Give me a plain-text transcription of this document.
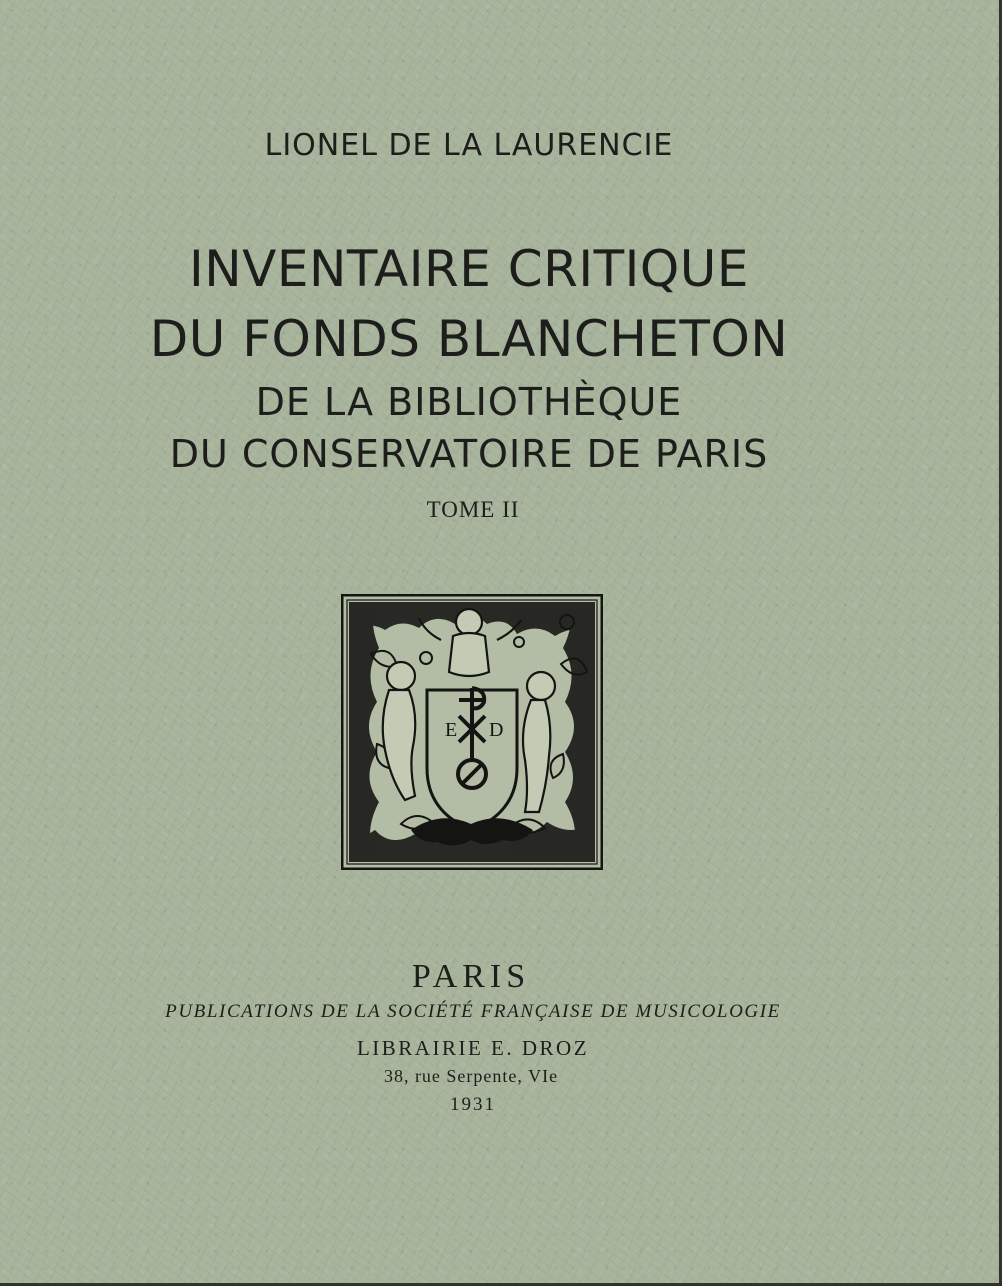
LIONEL DE LA LAURENCIE
INVENTAIRE CRITIQUE
DU FONDS BLANCHETON
DE LA BIBLIOTHÈQUE
DU CONSERVATOIRE DE PARIS
TOME II
E D
PARIS
PUBLICATIONS DE LA SOCIÉTÉ FRANÇAISE DE MUSICOLOGIE
LIBRAIRIE E. DROZ
38, rue Serpente, VIe
1931
